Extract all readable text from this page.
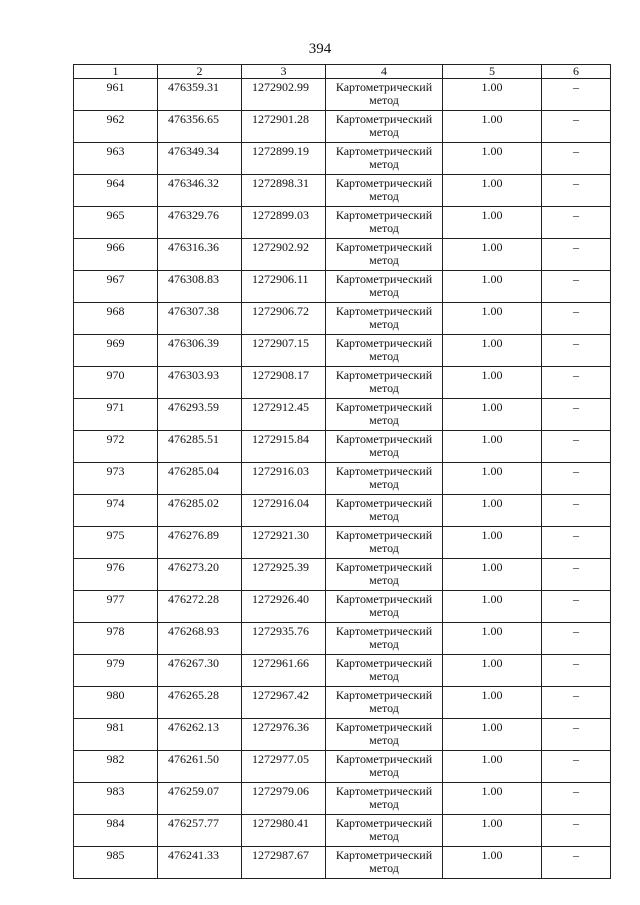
394
1	2	3	4	5	6
961	476359.31	1272902.99	Картометрический метод	1.00	–
962	476356.65	1272901.28	Картометрический метод	1.00	–
963	476349.34	1272899.19	Картометрический метод	1.00	–
964	476346.32	1272898.31	Картометрический метод	1.00	–
965	476329.76	1272899.03	Картометрический метод	1.00	–
966	476316.36	1272902.92	Картометрический метод	1.00	–
967	476308.83	1272906.11	Картометрический метод	1.00	–
968	476307.38	1272906.72	Картометрический метод	1.00	–
969	476306.39	1272907.15	Картометрический метод	1.00	–
970	476303.93	1272908.17	Картометрический метод	1.00	–
971	476293.59	1272912.45	Картометрический метод	1.00	–
972	476285.51	1272915.84	Картометрический метод	1.00	–
973	476285.04	1272916.03	Картометрический метод	1.00	–
974	476285.02	1272916.04	Картометрический метод	1.00	–
975	476276.89	1272921.30	Картометрический метод	1.00	–
976	476273.20	1272925.39	Картометрический метод	1.00	–
977	476272.28	1272926.40	Картометрический метод	1.00	–
978	476268.93	1272935.76	Картометрический метод	1.00	–
979	476267.30	1272961.66	Картометрический метод	1.00	–
980	476265.28	1272967.42	Картометрический метод	1.00	–
981	476262.13	1272976.36	Картометрический метод	1.00	–
982	476261.50	1272977.05	Картометрический метод	1.00	–
983	476259.07	1272979.06	Картометрический метод	1.00	–
984	476257.77	1272980.41	Картометрический метод	1.00	–
985	476241.33	1272987.67	Картометрический метод	1.00	–
